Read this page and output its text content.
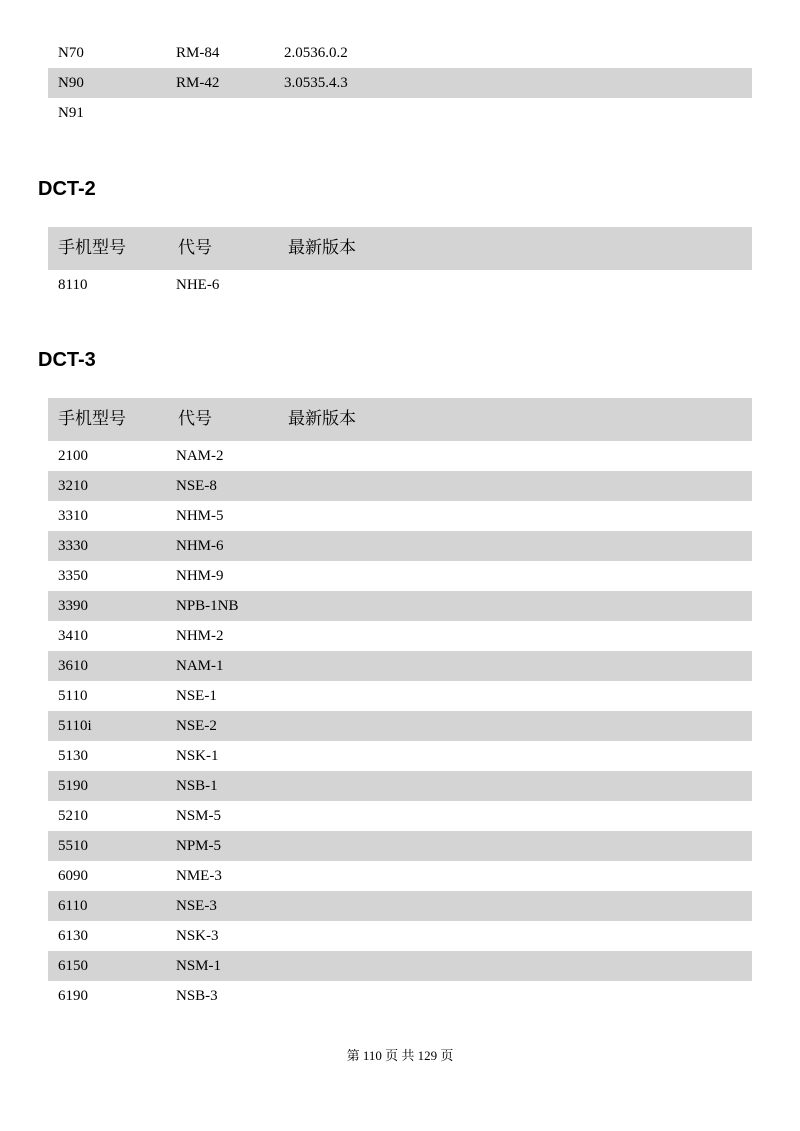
N70	RM-84	2.0536.0.2
N90	RM-42	3.0535.4.3
N91
DCT-2
手机型号	代号	最新版本
8110	NHE-6
DCT-3
手机型号	代号	最新版本
2100	NAM-2
3210	NSE-8
3310	NHM-5
3330	NHM-6
3350	NHM-9
3390	NPB-1NB
3410	NHM-2
3610	NAM-1
5110	NSE-1
5110i	NSE-2
5130	NSK-1
5190	NSB-1
5210	NSM-5
5510	NPM-5
6090	NME-3
6110	NSE-3
6130	NSK-3
6150	NSM-1
6190	NSB-3
第 110 页 共 129 页
